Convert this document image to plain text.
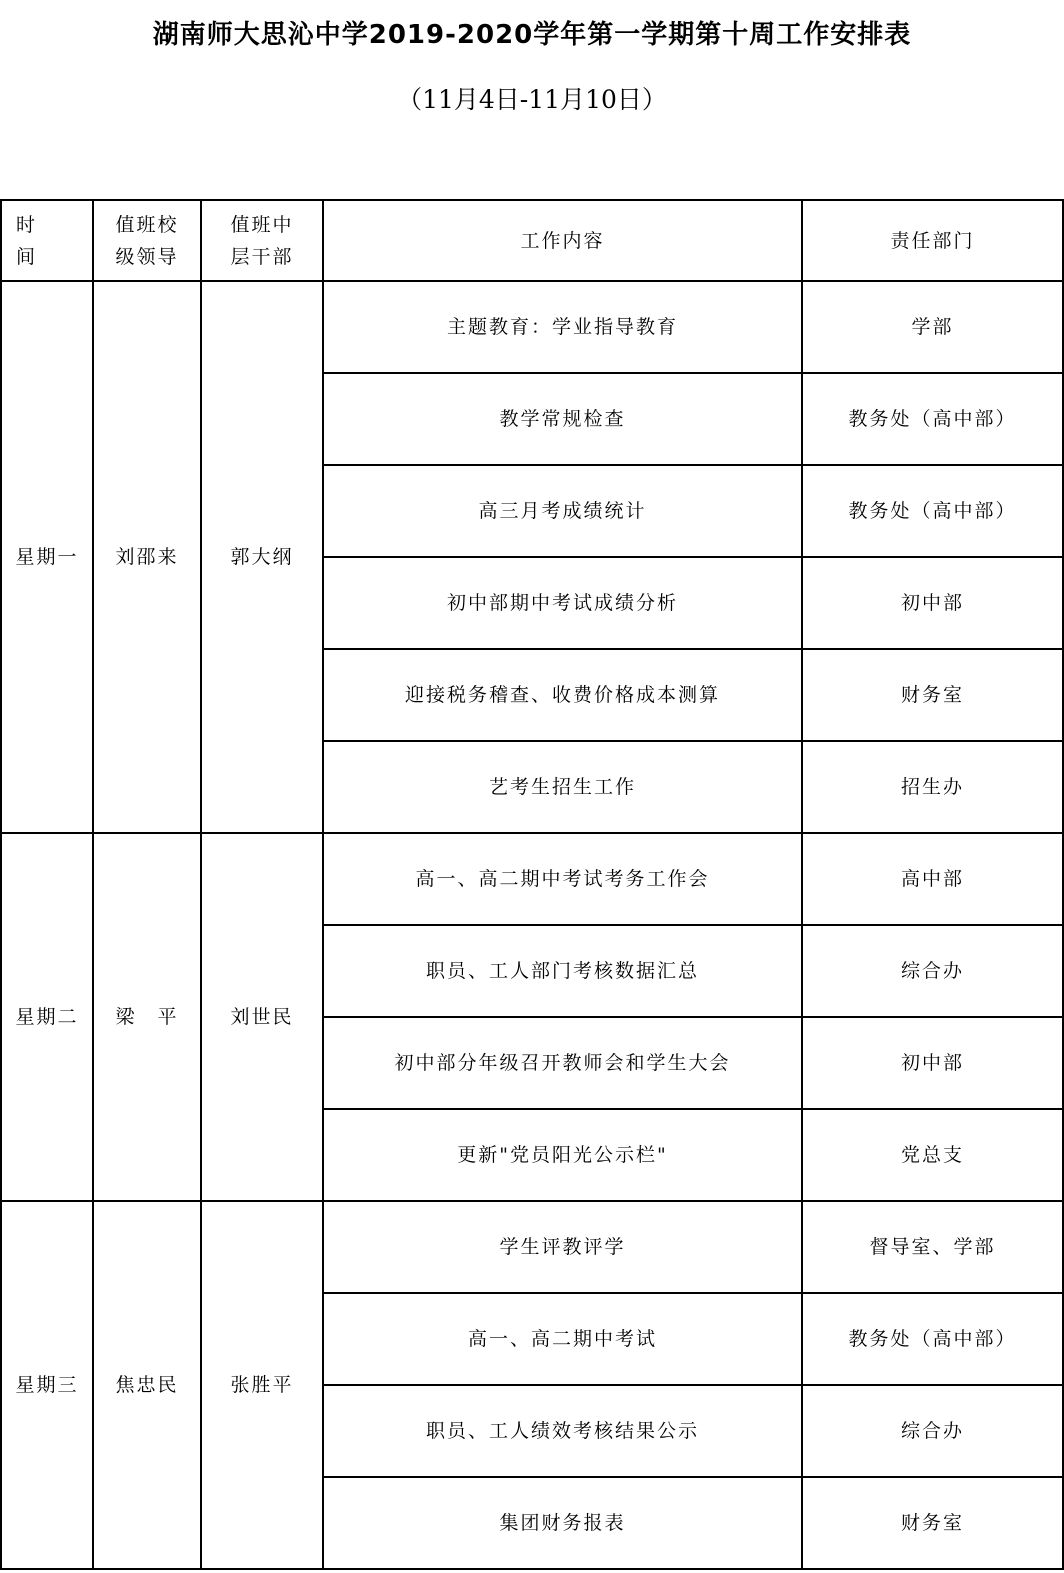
湖南师大思沁中学2019-2020学年第一学期第十周工作安排表
（11月4日-11月10日）
时间	值班校级领导	值班中层干部	工作内容	责任部门
星期一	刘邵来	郭大纲	主题教育：学业指导教育	学部
			教学常规检查	教务处（高中部）
			高三月考成绩统计	教务处（高中部）
			初中部期中考试成绩分析	初中部
			迎接税务稽查、收费价格成本测算	财务室
			艺考生招生工作	招生办
星期二	梁　平	刘世民	高一、高二期中考试考务工作会	高中部
			职员、工人部门考核数据汇总	综合办
			初中部分年级召开教师会和学生大会	初中部
			更新"党员阳光公示栏"	党总支
星期三	焦忠民	张胜平	学生评教评学	督导室、学部
			高一、高二期中考试	教务处（高中部）
			职员、工人绩效考核结果公示	综合办
			集团财务报表	财务室
